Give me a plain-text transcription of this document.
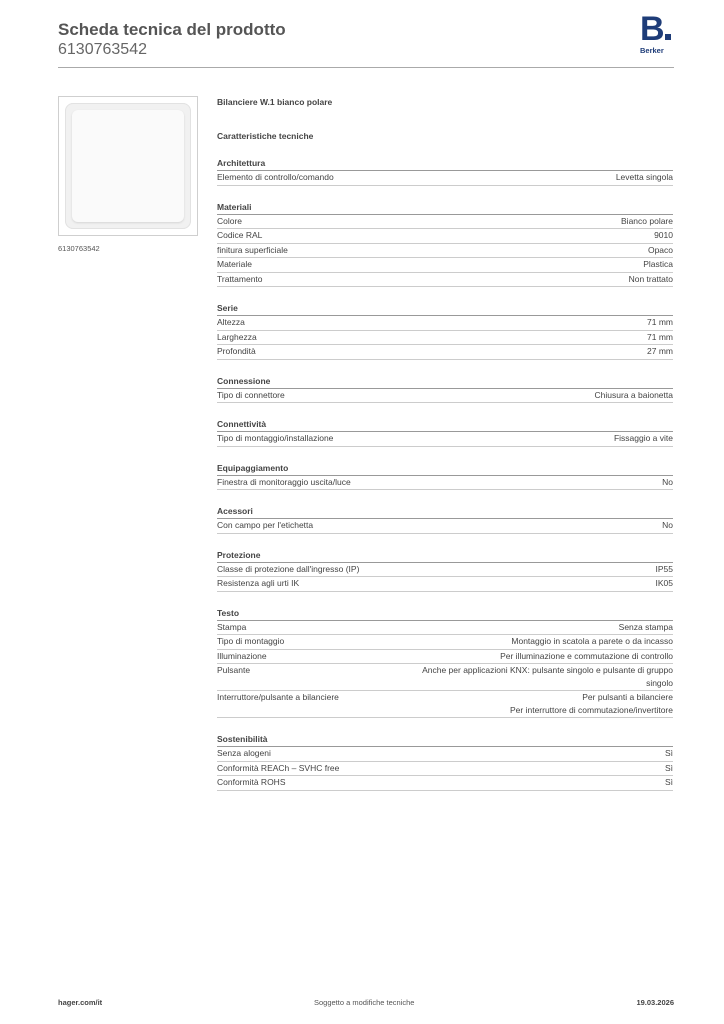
Scheda tecnica del prodotto
6130763542
B
Berker
6130763542
Bilanciere W.1 bianco polare
Caratteristiche tecniche
Architettura
Elemento di controllo/comando	Levetta singola
Materiali
Colore	Bianco polare
Codice RAL	9010
finitura superficiale	Opaco
Materiale	Plastica
Trattamento	Non trattato
Serie
Altezza	71 mm
Larghezza	71 mm
Profondità	27 mm
Connessione
Tipo di connettore	Chiusura a baionetta
Connettività
Tipo di montaggio/installazione	Fissaggio a vite
Equipaggiamento
Finestra di monitoraggio uscita/luce	No
Acessori
Con campo per l'etichetta	No
Protezione
Classe di protezione dall'ingresso (IP)	IP55
Resistenza agli urti IK	IK05
Testo
Stampa	Senza stampa
Tipo di montaggio	Montaggio in scatola a parete o da incasso
Illuminazione	Per illuminazione e commutazione di controllo
Pulsante	Anche per applicazioni KNX: pulsante singolo e pulsante di gruppo
singolo
Interruttore/pulsante a bilanciere	Per pulsanti a bilanciere
Per interruttore di commutazione/invertitore
Sostenibilità
Senza alogeni	Sì
Conformità REACh – SVHC free	Sì
Conformità ROHS	Sì
hager.com/it	Soggetto a modifiche tecniche	19.03.2026
